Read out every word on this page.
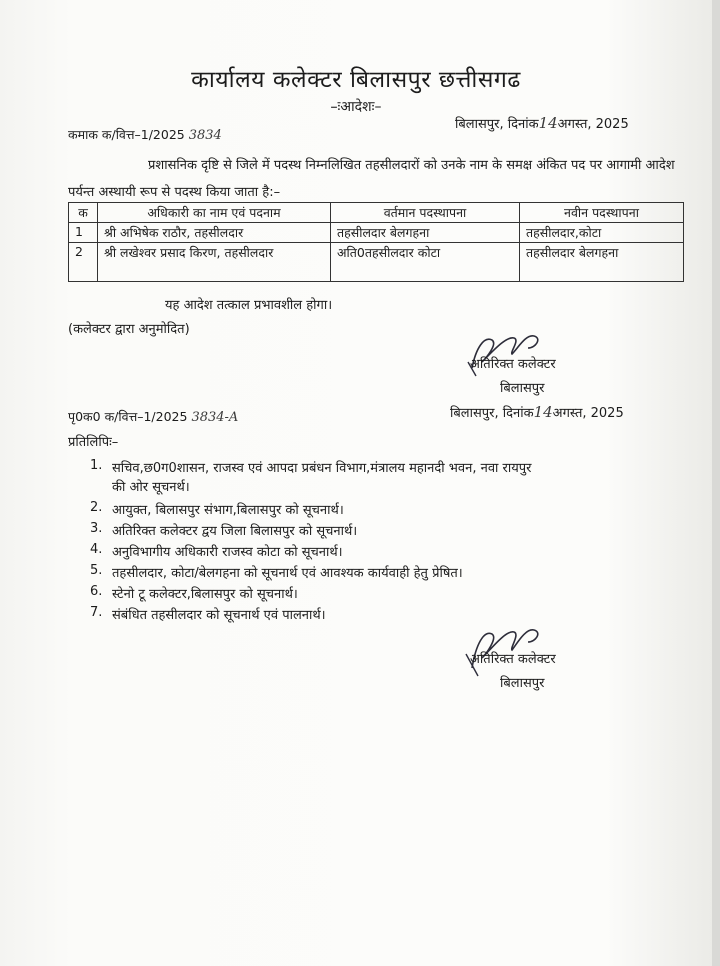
कार्यालय कलेक्टर बिलासपुर छत्तीसगढ
–ःआदेशः–
कमाक क/वित्त–1/2025 3834
बिलासपुर, दिनांक14अगस्त, 2025
प्रशासनिक दृष्टि से जिले में पदस्थ निम्नलिखित तहसीलदारों को उनके नाम के समक्ष अंकित पद पर आगामी आदेश पर्यन्त अस्थायी रूप से पदस्थ किया जाता है:–
क	अधिकारी का नाम एवं पदनाम	वर्तमान पदस्थापना	नवीन पदस्थापना
1	श्री अभिषेक राठौर, तहसीलदार	तहसीलदार बेलगहना	तहसीलदार,कोटा
2	श्री लखेश्वर प्रसाद किरण, तहसीलदार	अति0तहसीलदार कोटा	तहसीलदार बेलगहना
यह आदेश तत्काल प्रभावशील होगा।
(कलेक्टर द्वारा अनुमोदित)
अतिरिक्त कलेक्टर
बिलासपुर
पृ0क0 क/वित्त–1/2025 3834-A	बिलासपुर, दिनांक14अगस्त, 2025
प्रतिलिपिः–
1. सचिव,छ0ग0शासन, राजस्व एवं आपदा प्रबंधन विभाग,मंत्रालय महानदी भवन, नवा रायपुर
की ओर सूचनर्थ।
2. आयुक्त, बिलासपुर संभाग,बिलासपुर को सूचनार्थ।
3. अतिरिक्त कलेक्टर द्वय जिला बिलासपुर को सूचनार्थ।
4. अनुविभागीय अधिकारी राजस्व कोटा को सूचनार्थ।
5. तहसीलदार, कोटा/बेलगहना को सूचनार्थ एवं आवश्यक कार्यवाही हेतु प्रेषित।
6. स्टेनो टू कलेक्टर,बिलासपुर को सूचनार्थ।
7. संबंधित तहसीलदार को सूचनार्थ एवं पालनार्थ।
अतिरिक्त कलेक्टर
बिलासपुर
